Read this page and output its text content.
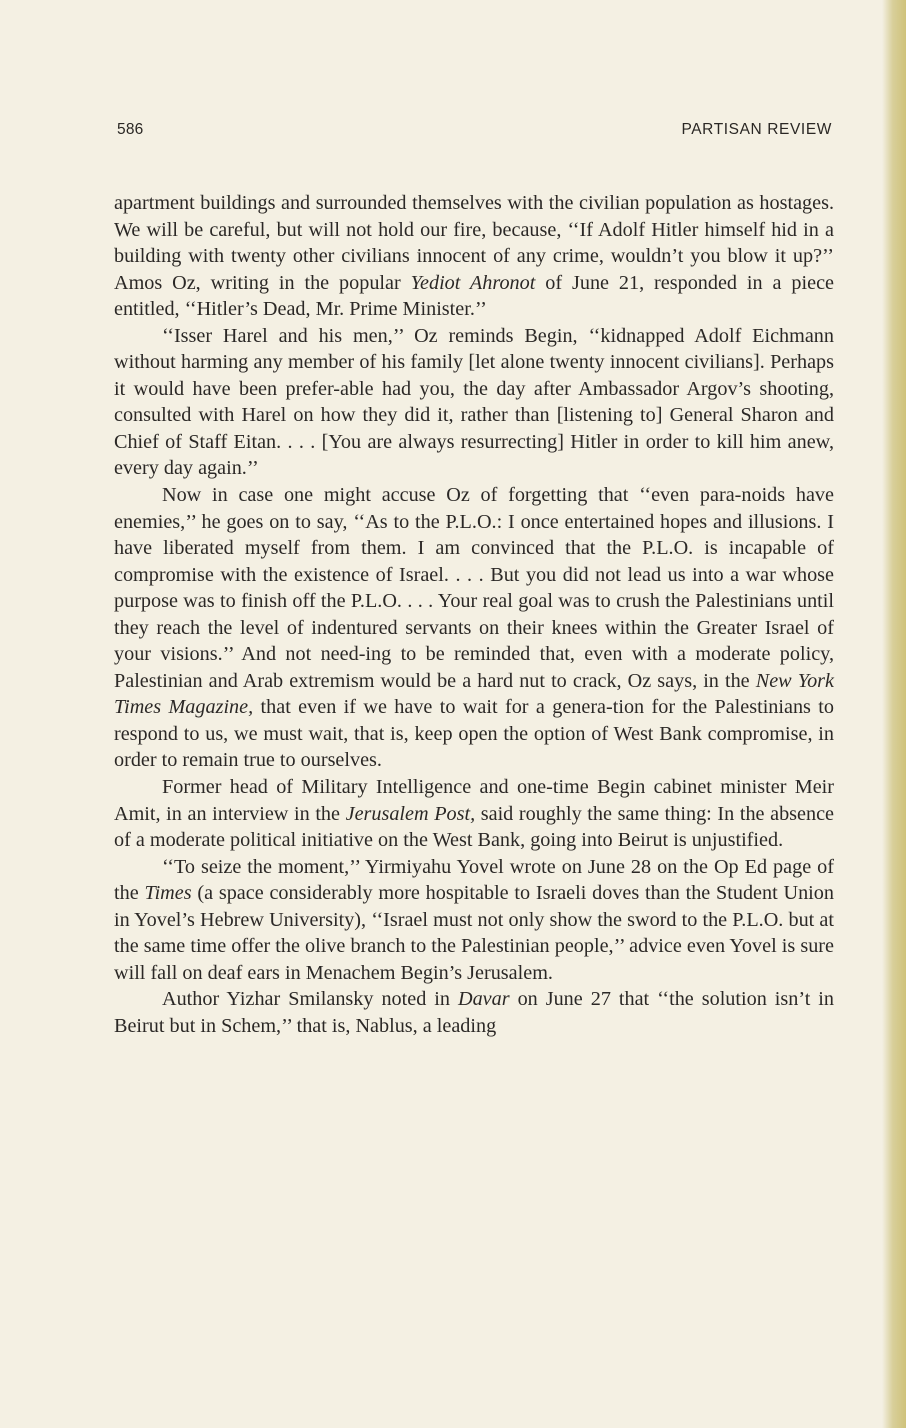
586	PARTISAN REVIEW

apartment buildings and surrounded themselves with the civilian population as hostages. We will be careful, but will not hold our fire, because, ‘‘If Adolf Hitler himself hid in a building with twenty other civilians innocent of any crime, wouldn’t you blow it up?’’ Amos Oz, writing in the popular Yediot Ahronot of June 21, responded in a piece entitled, ‘‘Hitler’s Dead, Mr. Prime Minister.’’

‘‘Isser Harel and his men,’’ Oz reminds Begin, ‘‘kidnapped Adolf Eichmann without harming any member of his family [let alone twenty innocent civilians]. Perhaps it would have been prefer-able had you, the day after Ambassador Argov’s shooting, consulted with Harel on how they did it, rather than [listening to] General Sharon and Chief of Staff Eitan. . . . [You are always resurrecting] Hitler in order to kill him anew, every day again.’’

Now in case one might accuse Oz of forgetting that ‘‘even para-noids have enemies,’’ he goes on to say, ‘‘As to the P.L.O.: I once entertained hopes and illusions. I have liberated myself from them. I am convinced that the P.L.O. is incapable of compromise with the existence of Israel. . . . But you did not lead us into a war whose purpose was to finish off the P.L.O. . . . Your real goal was to crush the Palestinians until they reach the level of indentured servants on their knees within the Greater Israel of your visions.’’ And not need-ing to be reminded that, even with a moderate policy, Palestinian and Arab extremism would be a hard nut to crack, Oz says, in the New York Times Magazine, that even if we have to wait for a genera-tion for the Palestinians to respond to us, we must wait, that is, keep open the option of West Bank compromise, in order to remain true to ourselves.

Former head of Military Intelligence and one-time Begin cabinet minister Meir Amit, in an interview in the Jerusalem Post, said roughly the same thing: In the absence of a moderate political initiative on the West Bank, going into Beirut is unjustified.

‘‘To seize the moment,’’ Yirmiyahu Yovel wrote on June 28 on the Op Ed page of the Times (a space considerably more hospitable to Israeli doves than the Student Union in Yovel’s Hebrew University), ‘‘Israel must not only show the sword to the P.L.O. but at the same time offer the olive branch to the Palestinian people,’’ advice even Yovel is sure will fall on deaf ears in Menachem Begin’s Jerusalem.

Author Yizhar Smilansky noted in Davar on June 27 that ‘‘the solution isn’t in Beirut but in Schem,’’ that is, Nablus, a leading
